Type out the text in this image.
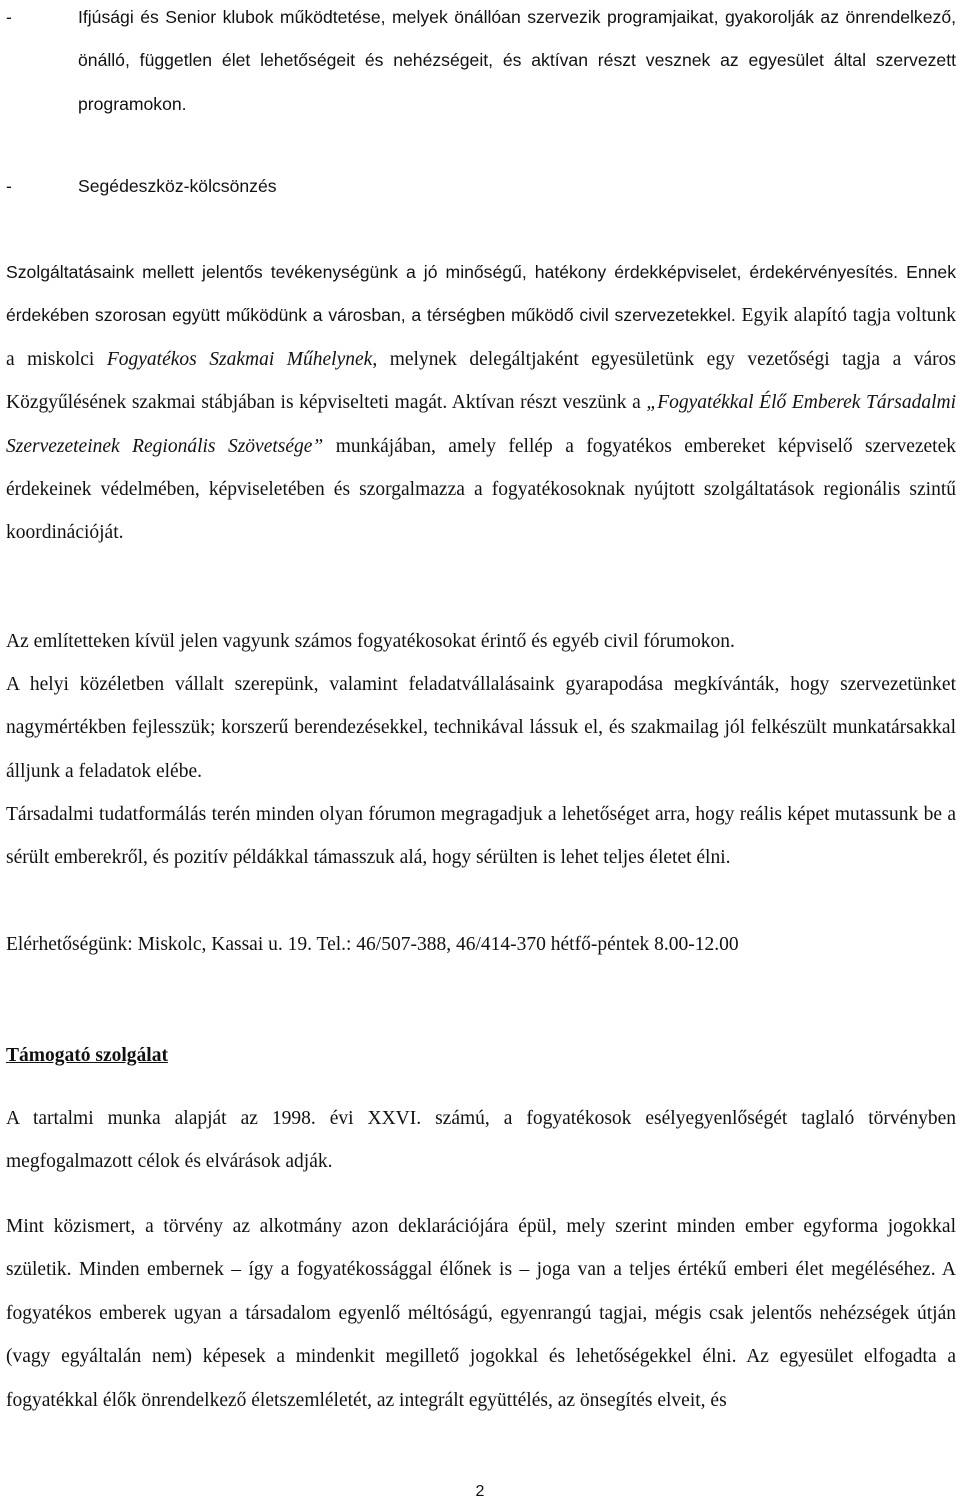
-	Ifjúsági és Senior klubok működtetése, melyek önállóan szervezik programjaikat, gyakorolják az önrendelkező, önálló, független élet lehetőségeit és nehézségeit, és aktívan részt vesznek az egyesület által szervezett programokon.
-	Segédeszköz-kölcsönzés

Szolgáltatásaink mellett jelentős tevékenységünk a jó minőségű, hatékony érdekképviselet, érdekérvényesítés. Ennek érdekében szorosan együtt működünk a városban, a térségben működő civil szervezetekkel. Egyik alapító tagja voltunk a miskolci Fogyatékos Szakmai Műhelynek, melynek delegáltjaként egyesületünk egy vezetőségi tagja a város Közgyűlésének szakmai stábjában is képviselteti magát. Aktívan részt veszünk a „Fogyatékkal Élő Emberek Társadalmi Szervezeteinek Regionális Szövetsége” munkájában, amely fellép a fogyatékos embereket képviselő szervezetek érdekeinek védelmében, képviseletében és szorgalmazza a fogyatékosoknak nyújtott szolgáltatások regionális szintű koordinációját.

Az említetteken kívül jelen vagyunk számos fogyatékosokat érintő és egyéb civil fórumokon.

A helyi közéletben vállalt szerepünk, valamint feladatvállalásaink gyarapodása megkívánták, hogy szervezetünket nagymértékben fejlesszük; korszerű berendezésekkel, technikával lássuk el, és szakmailag jól felkészült munkatársakkal álljunk a feladatok elébe.

Társadalmi tudatformálás terén minden olyan fórumon megragadjuk a lehetőséget arra, hogy reális képet mutassunk be a sérült emberekről, és pozitív példákkal támasszuk alá, hogy sérülten is lehet teljes életet élni.

Elérhetőségünk: Miskolc, Kassai u. 19. Tel.: 46/507-388, 46/414-370 hétfő-péntek 8.00-12.00

Támogató szolgálat

A tartalmi munka alapját az 1998. évi XXVI. számú, a fogyatékosok esélyegyenlőségét taglaló törvényben megfogalmazott célok és elvárások adják.

Mint közismert, a törvény az alkotmány azon deklarációjára épül, mely szerint minden ember egyforma jogokkal születik. Minden embernek – így a fogyatékossággal élőnek is – joga van a teljes értékű emberi élet megéléséhez. A fogyatékos emberek ugyan a társadalom egyenlő méltóságú, egyenrangú tagjai, mégis csak jelentős nehézségek útján (vagy egyáltalán nem) képesek a mindenkit megillető jogokkal és lehetőségekkel élni. Az egyesület elfogadta a fogyatékkal élők önrendelkező életszemléletét, az integrált együttélés, az önsegítés elveit, és

2
